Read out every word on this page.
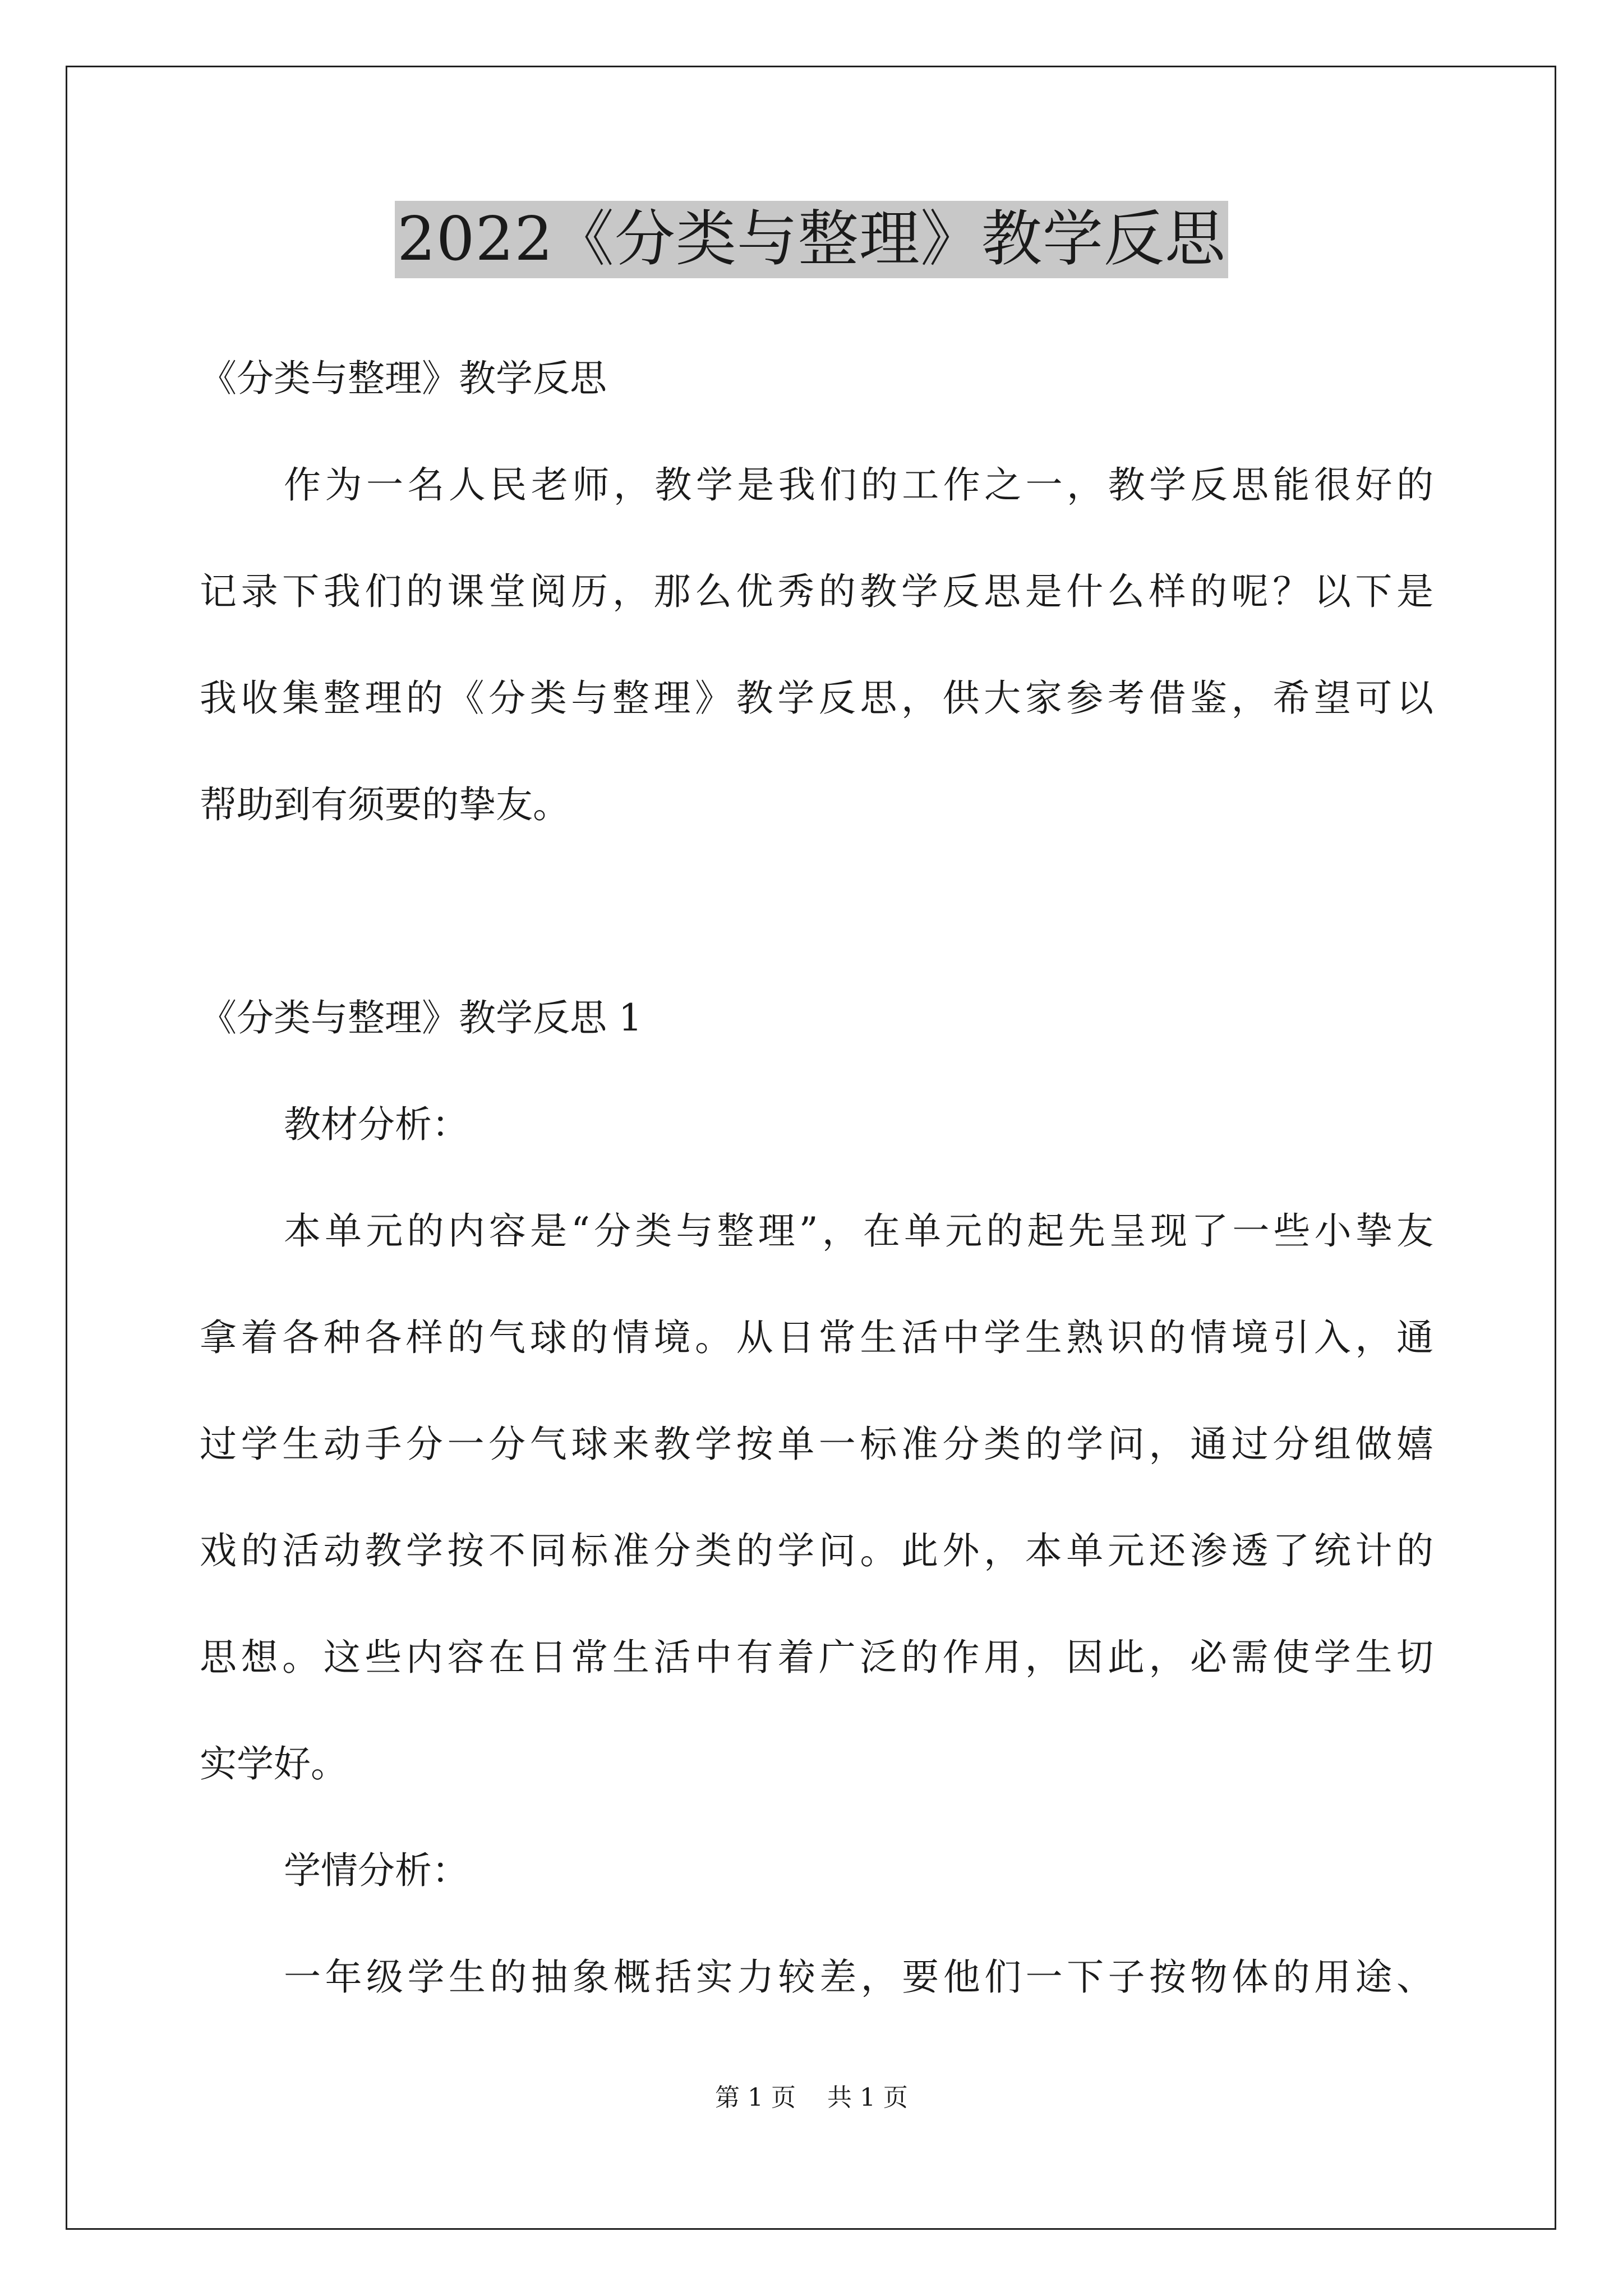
2022《分类与整理》教学反思
《分类与整理》教学反思
作为一名人民老师，教学是我们的工作之一，教学反思能很好的
记录下我们的课堂阅历，那么优秀的教学反思是什么样的呢？以下是
我收集整理的《分类与整理》教学反思，供大家参考借鉴，希望可以
帮助到有须要的挚友。
《分类与整理》教学反思 1
教材分析：
本单元的内容是“分类与整理”，在单元的起先呈现了一些小挚友
拿着各种各样的气球的情境。从日常生活中学生熟识的情境引入，通
过学生动手分一分气球来教学按单一标准分类的学问，通过分组做嬉
戏的活动教学按不同标准分类的学问。此外，本单元还渗透了统计的
思想。这些内容在日常生活中有着广泛的作用，因此，必需使学生切
实学好。
学情分析：
一年级学生的抽象概括实力较差，要他们一下子按物体的用途、
第 1 页    共 1 页
